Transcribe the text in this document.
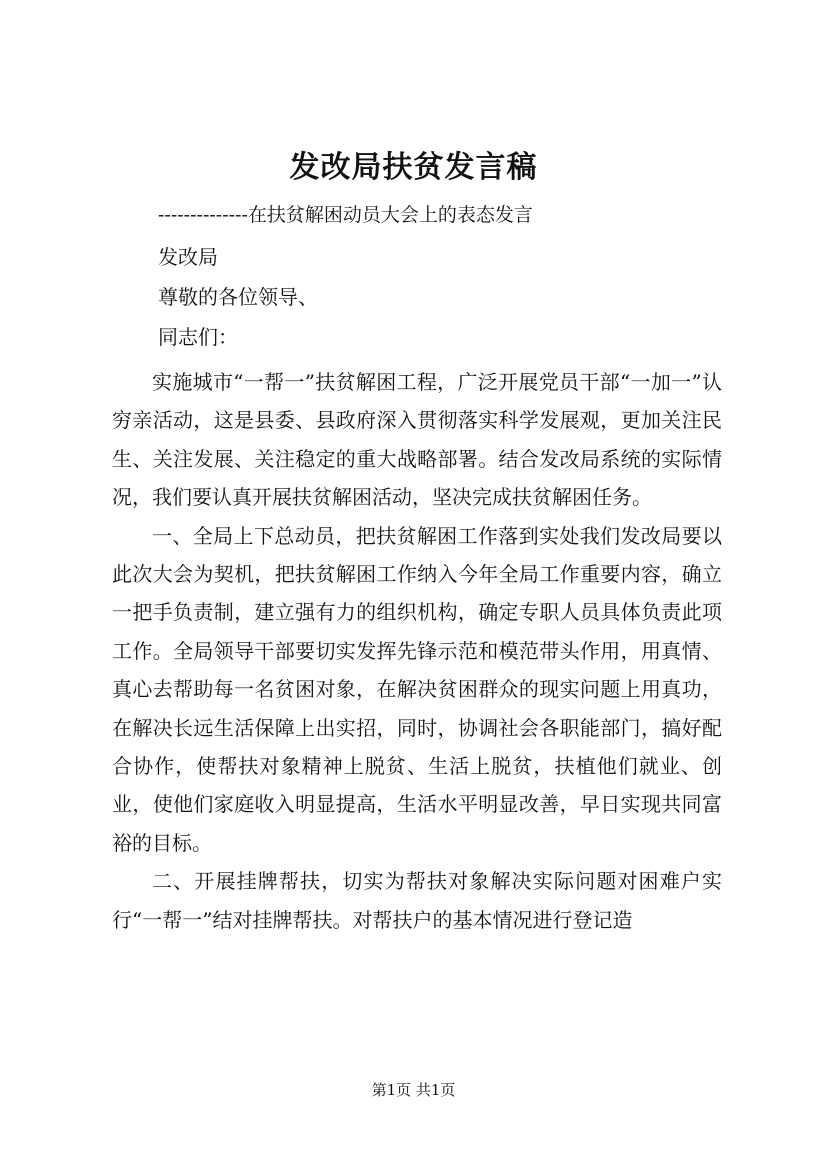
发改局扶贫发言稿
--------------在扶贫解困动员大会上的表态发言
发改局
尊敬的各位领导、
同志们：

实施城市“一帮一”扶贫解困工程，广泛开展党员干部“一加一”认穷亲活动，这是县委、县政府深入贯彻落实科学发展观，更加关注民生、关注发展、关注稳定的重大战略部署。结合发改局系统的实际情况，我们要认真开展扶贫解困活动，坚决完成扶贫解困任务。

一、全局上下总动员，把扶贫解困工作落到实处我们发改局要以此次大会为契机，把扶贫解困工作纳入今年全局工作重要内容，确立一把手负责制，建立强有力的组织机构，确定专职人员具体负责此项工作。全局领导干部要切实发挥先锋示范和模范带头作用，用真情、真心去帮助每一名贫困对象，在解决贫困群众的现实问题上用真功，在解决长远生活保障上出实招，同时，协调社会各职能部门，搞好配合协作，使帮扶对象精神上脱贫、生活上脱贫，扶植他们就业、创业，使他们家庭收入明显提高，生活水平明显改善，早日实现共同富裕的目标。

二、开展挂牌帮扶，切实为帮扶对象解决实际问题对困难户实行“一帮一”结对挂牌帮扶。对帮扶户的基本情况进行登记造

第1页 共1页
